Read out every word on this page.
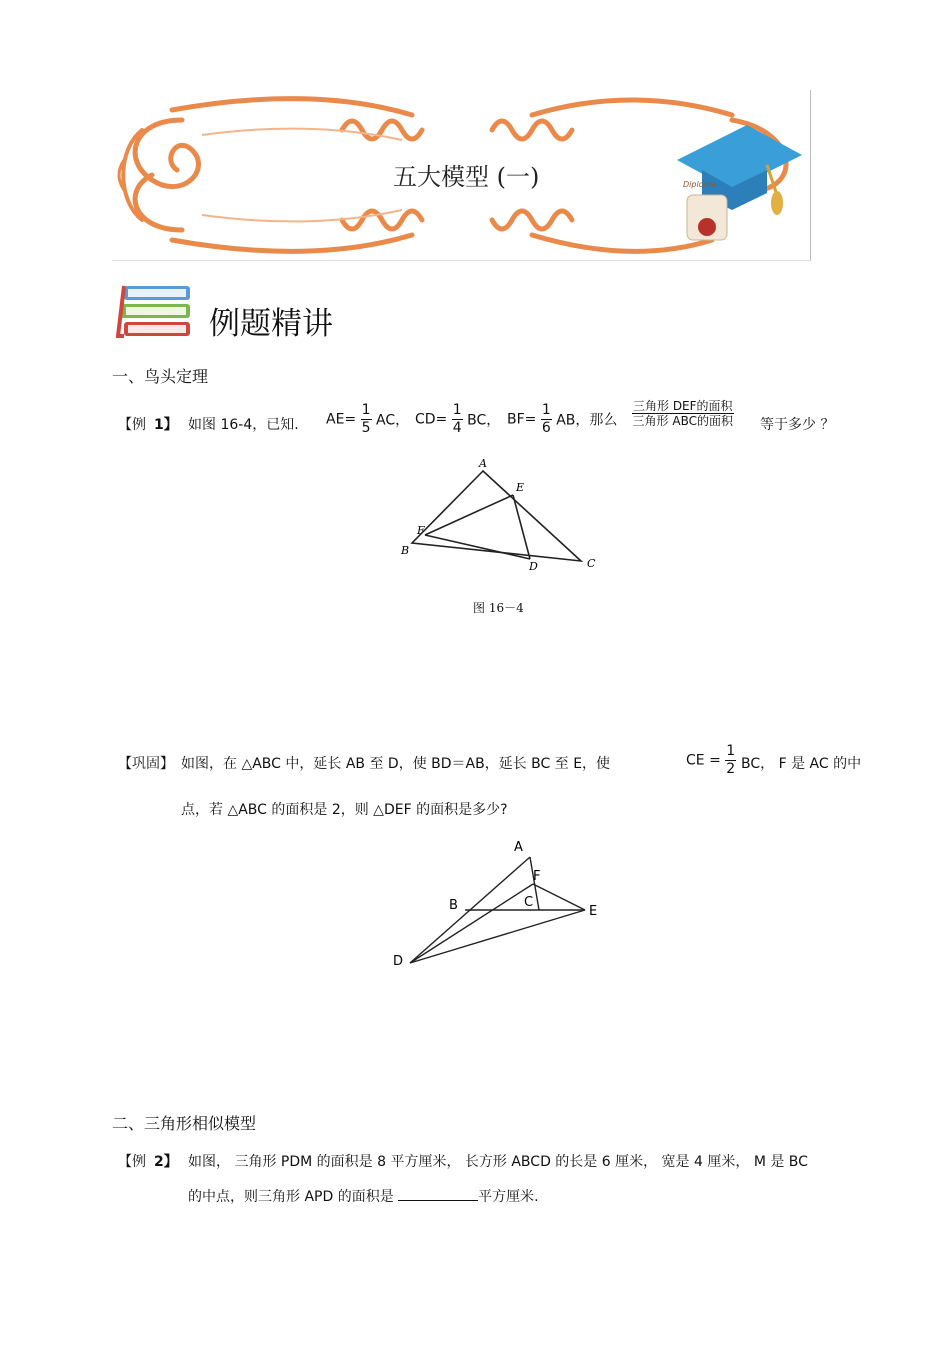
Diploma
五大模型 (一)
例题精讲
一、鸟头定理
【例 1】 如图 16-4，已知. $AE= \frac{1}{5}$ AC， $CD= \frac{1}{4}$ BC， $BF= \frac{1}{6}$ AB，那么 $\frac{\text{三角形 DEF的面积}}{\text{三角形 ABC的面积}}$ 等于多少 ？
A
E
F
B
D	C
图 16－4
【巩固】 如图，在 △ABC 中，延长 AB 至 D，使 BD＝AB，延长 BC 至 E，使	CE = $\frac{1}{2}$ BC， F 是 AC 的中
点，若 △ABC 的面积是 2，则 △DEF 的面积是多少?
A
F
B	C
E
D
二、三角形相似模型
【例 2】 如图， 三角形 PDM 的面积是 8 平方厘米， 长方形 ABCD 的长是 6 厘米， 宽是 4 厘米， M 是 BC
的中点，则三角形 APD 的面积是	平方厘米.
